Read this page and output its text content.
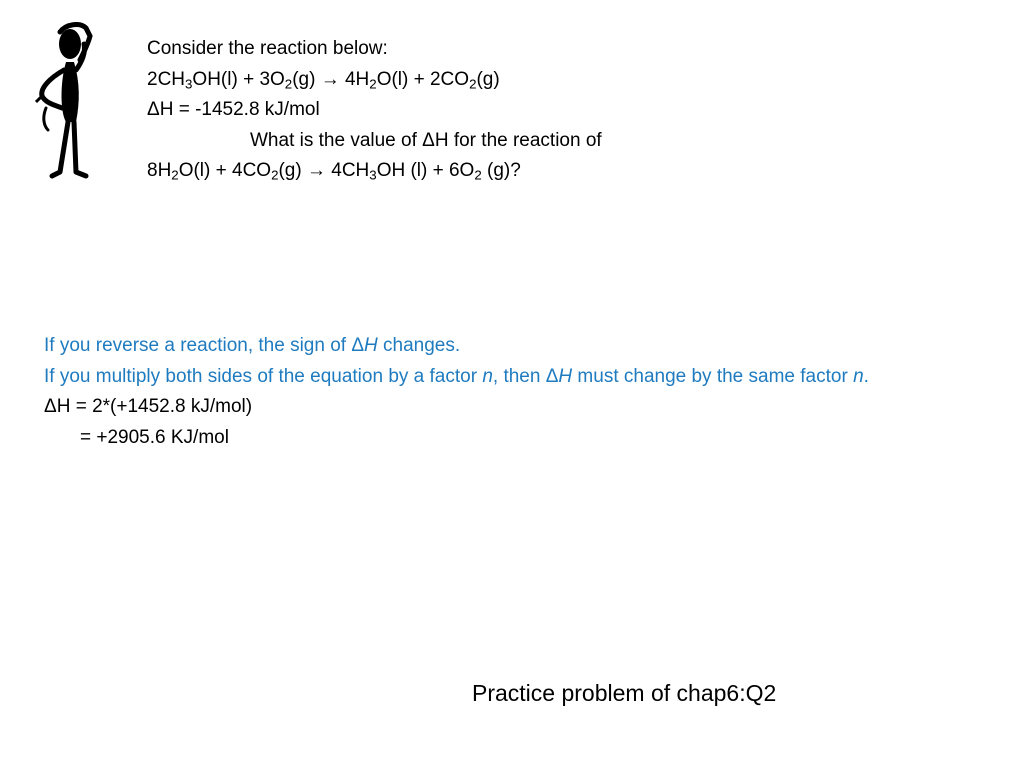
Consider the reaction below:
$2CH_3OH(l) + 3O_2(g) \to 4H_2O(l) + 2CO_2(g)$
ΔH = -1452.8 kJ/mol
What is the value of ΔH for the reaction of
$8H_2O(l) + 4CO_2(g) \to 4CH_3OH$ $(l) + 6O_2$ (g)?
If you reverse a reaction, the sign of ΔH changes.
If you multiply both sides of the equation by a factor n, then ΔH must change by the same factor n.
ΔH = 2*(+1452.8 kJ/mol)
= +2905.6 KJ/mol
Practice problem of chap6:Q2
